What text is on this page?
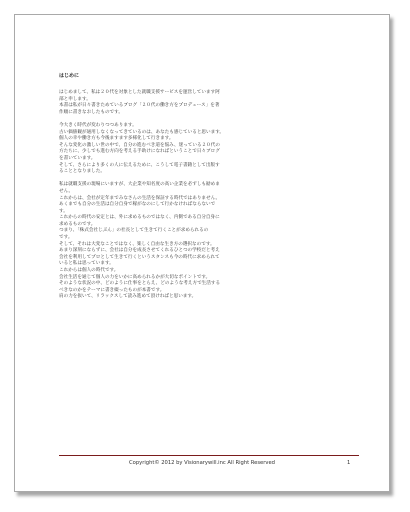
はじめに
はじめまして、私は２０代を対象とした就職支援サービスを運営しています阿
部と申します。
本書は私が日々書きためているブログ「２０代の働き方をプロデュース」を著
作順に書きなおしたものです。
今大きく時代が変わりつつあります。
古い価値観が通用しなくなってきているのは、あなたも感じていると思います。
個人の幸や働き方も今後ますます多様化して行きます。
そんな変化の激しい世の中で、自分の進むべき道を悩み、迷っている２０代の
方たちに、少しでも進む方向を考える手助けになればということで日々ブログ
を書いています。
そして、さらにより多くの人に伝えるために、こうして電子書籍として出版す
ることとなりました。
私は就職支援の現場にいますが、大企業や知名度の高い企業を必ずしも勧めま
せん。
これからは、会社が定年までみなさんの生活を保証する時代ではありません。
あくまでも自分の生活は自分自身で稼がなのにして行かなければならないで
す。
これからの時代の安定とは、外に求めるものではなく、内側である自分自身に
求めるものです。
つまり、「株式会社じぶん」の社長として生きて行くことが求められるの
です。
そして、それは大変なことではなく、楽しく自由な生き方の選択なのです。
あまり深刻にならずに、会社は自分を成長させてくれるひとつの学校だと考え
会社を利用してプロとして生きて行くというスタンスも今の時代に求められて
いると私は思っています。
これからは個人の時代です。
会社生活を通じて個人の力をいかに高められるかが大切なポイントです。
そのような状況の中、どのように仕事をとらえ、どのような考え方で生活する
べきなのかをテーマに書き綴ったものが本書です。
肩の力を抜いて、リラックスして読み進めて頂ければと思います。
Copyright© 2012 by Visionarywill.inc All Right Reserved	1
